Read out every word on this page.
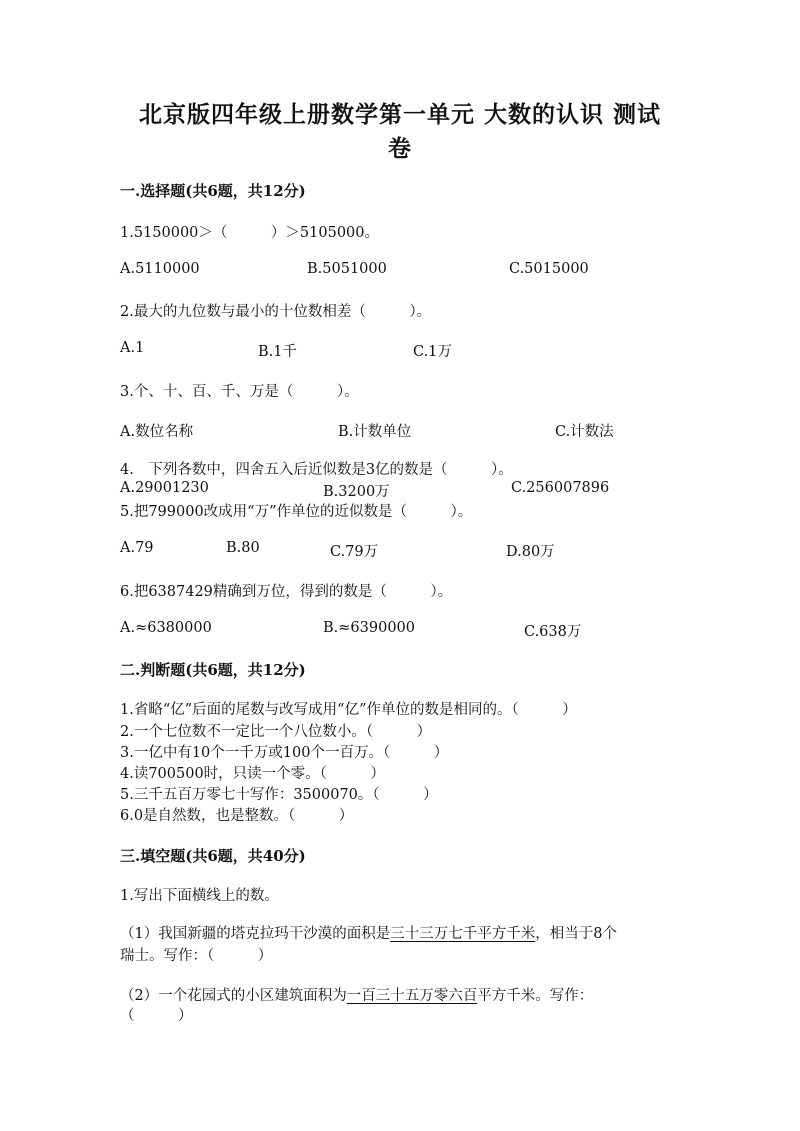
北京版四年级上册数学第一单元 大数的认识 测试
卷
一.选择题(共6题，共12分)
1.5150000＞（　　　）＞5105000。
A.5110000	B.5051000	C.5015000
2.最大的九位数与最小的十位数相差（　　　）。
A.1	B.1千	C.1万
3.个、十、百、千、万是（　　　）。
A.数位名称	B.计数单位	C.计数法
4.　下列各数中，四舍五入后近似数是3亿的数是（　　　）。
A.29001230	B.3200万	C.256007896
5.把799000改成用“万”作单位的近似数是（　　　）。
A.79	B.80	C.79万	D.80万
6.把6387429精确到万位，得到的数是（　　　）。
A.≈6380000	B.≈6390000	C.638万
二.判断题(共6题，共12分)
1.省略“亿”后面的尾数与改写成用“亿”作单位的数是相同的。（　　　）
2.一个七位数不一定比一个八位数小。（　　　）
3.一亿中有10个一千万或100个一百万。（　　　）
4.读700500时，只读一个零。（　　　）
5.三千五百万零七十写作：3500070。（　　　）
6.0是自然数，也是整数。（　　　）
三.填空题(共6题，共40分)
1.写出下面横线上的数。
（1）我国新疆的塔克拉玛干沙漠的面积是三十三万七千平方千米，相当于8个
瑞士。写作：（　　　）
（2）一个花园式的小区建筑面积为一百三十五万零六百平方千米。写作：
（　　　）
